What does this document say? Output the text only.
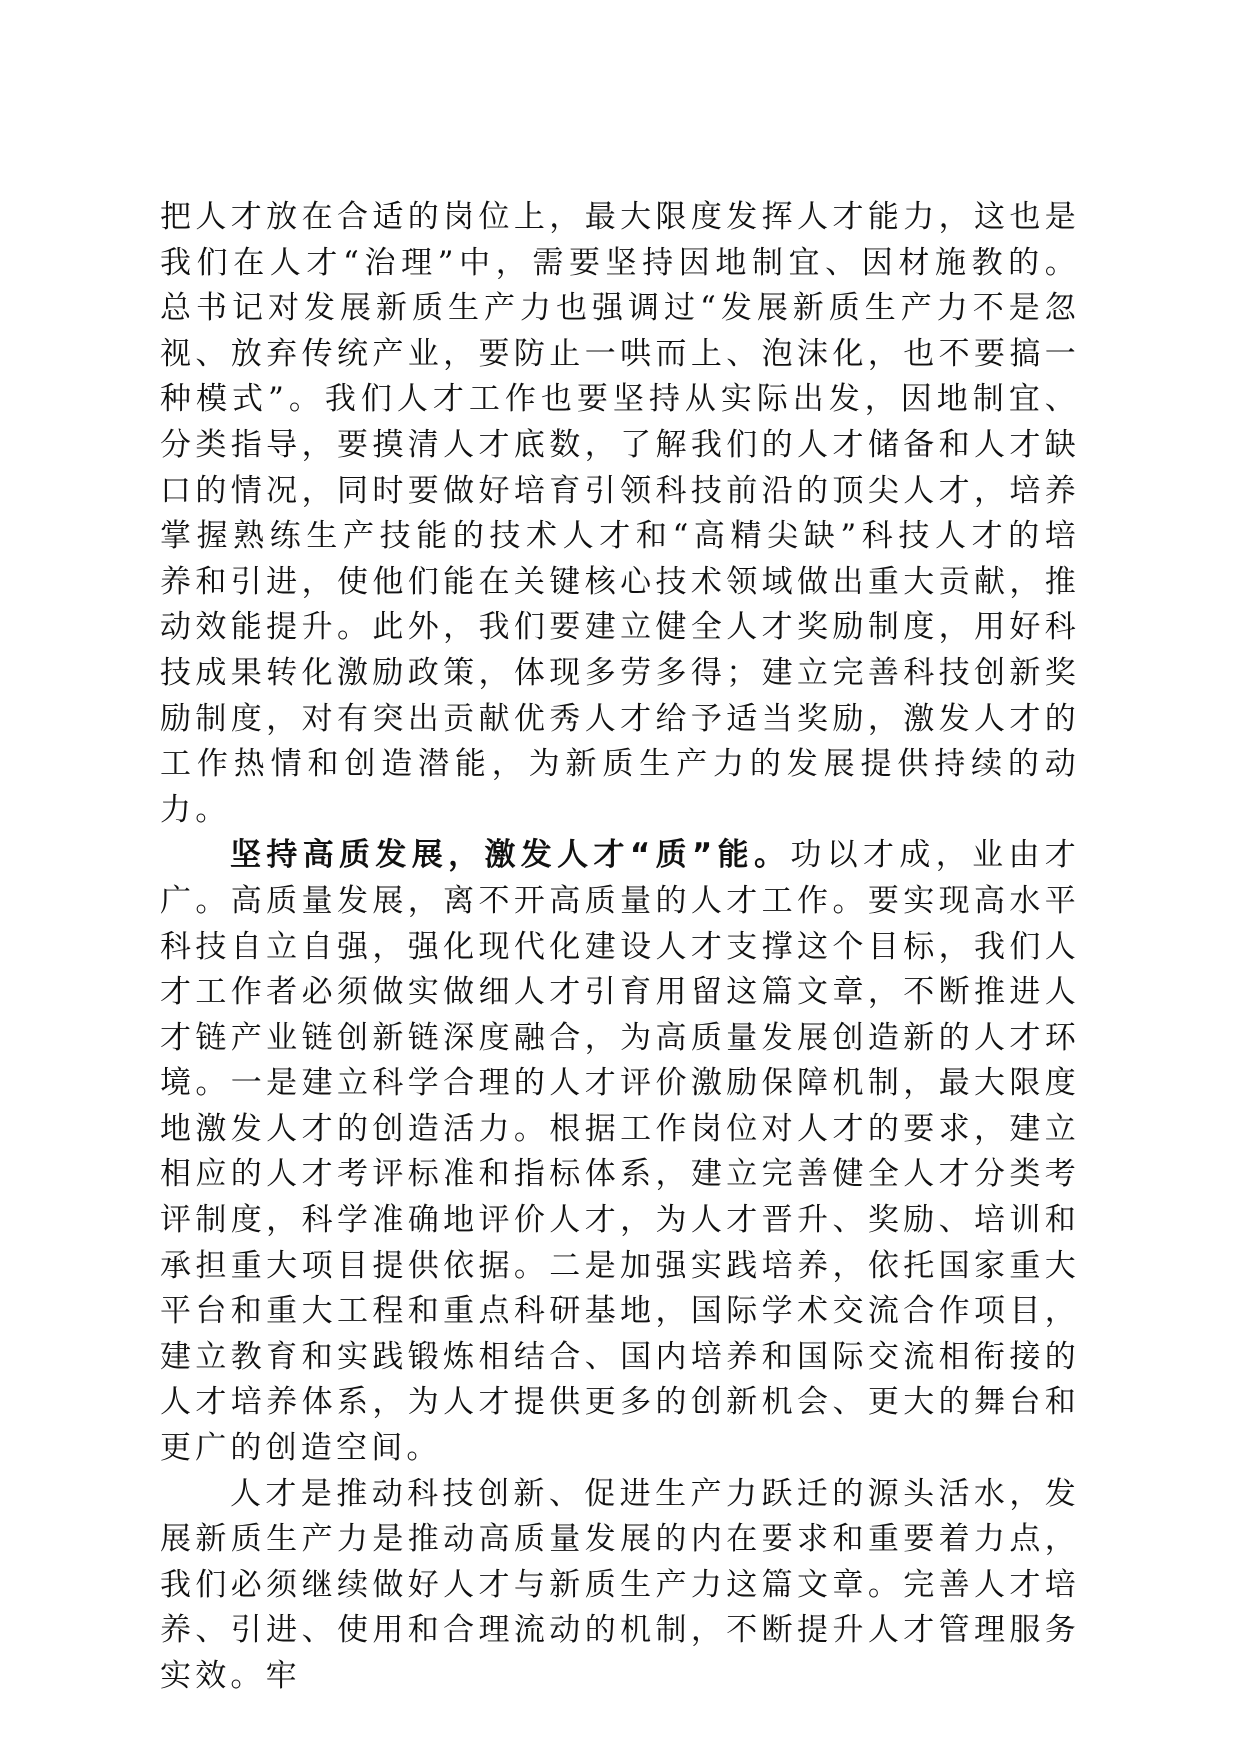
把人才放在合适的岗位上，最大限度发挥人才能力，这也是我们在人才“治理”中，需要坚持因地制宜、因材施教的。总书记对发展新质生产力也强调过“发展新质生产力不是忽视、放弃传统产业，要防止一哄而上、泡沫化，也不要搞一种模式”。我们人才工作也要坚持从实际出发，因地制宜、分类指导，要摸清人才底数，了解我们的人才储备和人才缺口的情况，同时要做好培育引领科技前沿的顶尖人才，培养掌握熟练生产技能的技术人才和“高精尖缺”科技人才的培养和引进，使他们能在关键核心技术领域做出重大贡献，推动效能提升。此外，我们要建立健全人才奖励制度，用好科技成果转化激励政策，体现多劳多得；建立完善科技创新奖励制度，对有突出贡献优秀人才给予适当奖励，激发人才的工作热情和创造潜能，为新质生产力的发展提供持续的动力。

坚持高质发展，激发人才“质”能。功以才成，业由才广。高质量发展，离不开高质量的人才工作。要实现高水平科技自立自强，强化现代化建设人才支撑这个目标，我们人才工作者必须做实做细人才引育用留这篇文章，不断推进人才链产业链创新链深度融合，为高质量发展创造新的人才环境。一是建立科学合理的人才评价激励保障机制，最大限度地激发人才的创造活力。根据工作岗位对人才的要求，建立相应的人才考评标准和指标体系，建立完善健全人才分类考评制度，科学准确地评价人才，为人才晋升、奖励、培训和承担重大项目提供依据。二是加强实践培养，依托国家重大平台和重大工程和重点科研基地，国际学术交流合作项目，建立教育和实践锻炼相结合、国内培养和国际交流相衔接的人才培养体系，为人才提供更多的创新机会、更大的舞台和更广的创造空间。

人才是推动科技创新、促进生产力跃迁的源头活水，发展新质生产力是推动高质量发展的内在要求和重要着力点，我们必须继续做好人才与新质生产力这篇文章。完善人才培养、引进、使用和合理流动的机制，不断提升人才管理服务实效。牢
